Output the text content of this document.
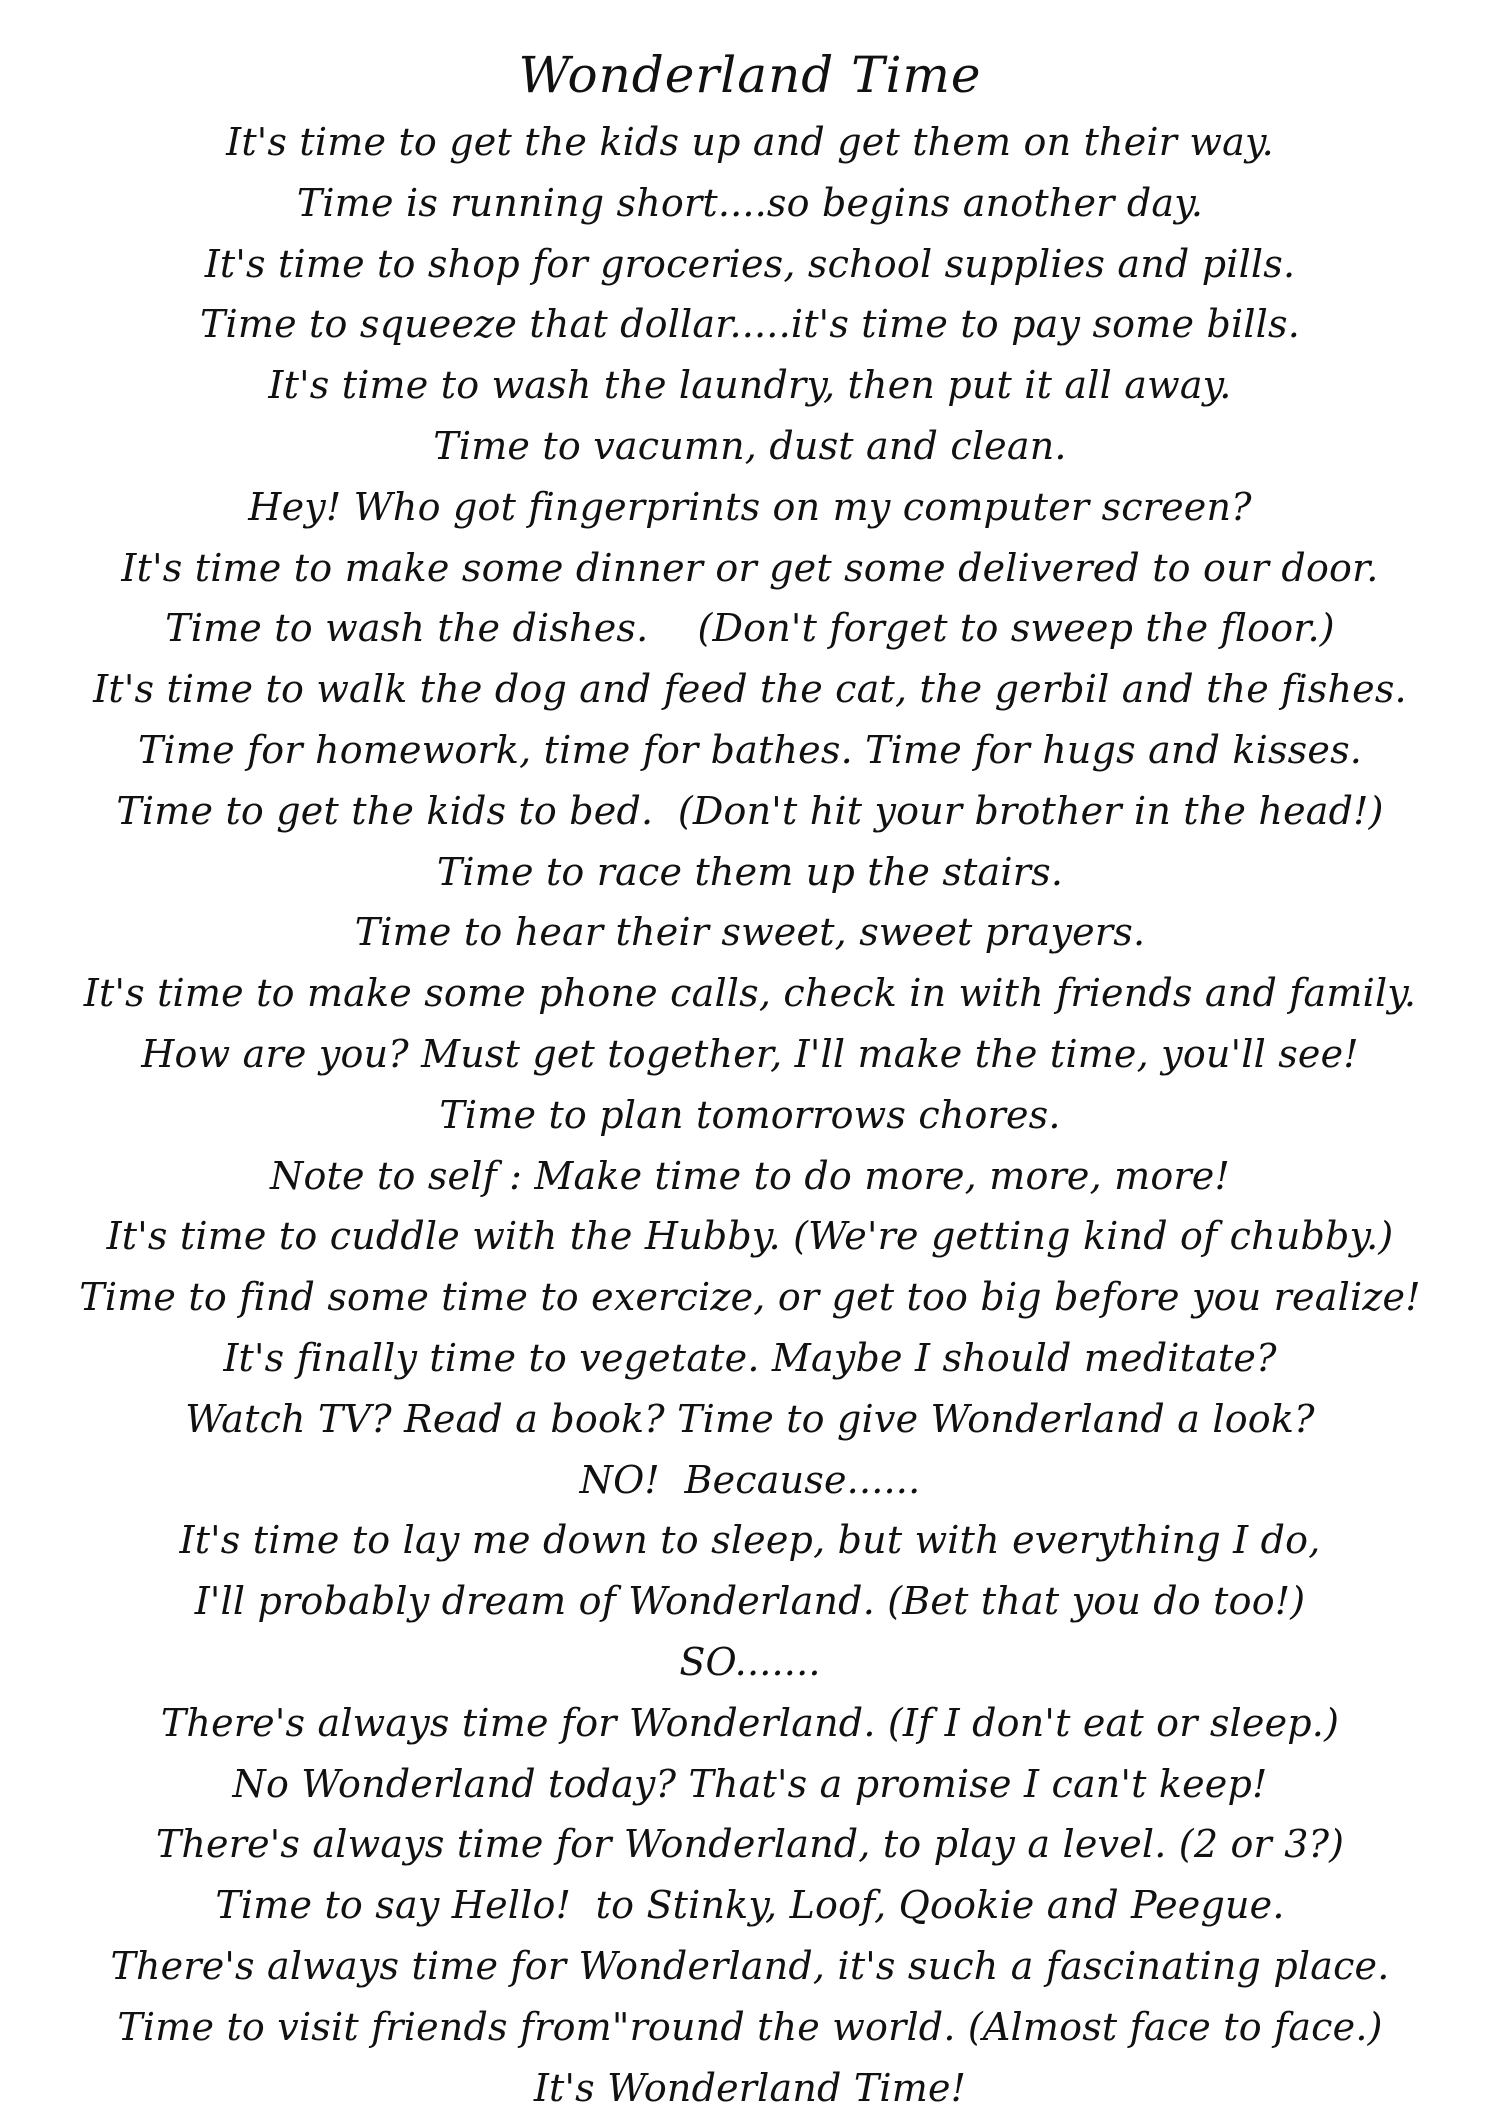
Wonderland Time
It's time to get the kids up and get them on their way.
Time is running short....so begins another day.
It's time to shop for groceries, school supplies and pills.
Time to squeeze that dollar.....it's time to pay some bills.
It's time to wash the laundry, then put it all away.
Time to vacumn, dust and clean.
Hey! Who got fingerprints on my computer screen?
It's time to make some dinner or get some delivered to our door.
Time to wash the dishes.    (Don't forget to sweep the floor.)
It's time to walk the dog and feed the cat, the gerbil and the fishes.
Time for homework, time for bathes. Time for hugs and kisses.
Time to get the kids to bed.  (Don't hit your brother in the head!)
Time to race them up the stairs.
Time to hear their sweet, sweet prayers.
It's time to make some phone calls, check in with friends and family.
How are you? Must get together, I'll make the time, you'll see!
Time to plan tomorrows chores.
Note to self : Make time to do more, more, more!
It's time to cuddle with the Hubby. (We're getting kind of chubby.)
Time to find some time to exercize, or get too big before you realize!
It's finally time to vegetate. Maybe I should meditate?
Watch TV? Read a book? Time to give Wonderland a look?
NO!  Because......
It's time to lay me down to sleep, but with everything I do,
I'll probably dream of Wonderland. (Bet that you do too!)
SO.......
There's always time for Wonderland. (If I don't eat or sleep.)
No Wonderland today? That's a promise I can't keep!
There's always time for Wonderland, to play a level. (2 or 3?)
Time to say Hello!  to Stinky, Loof, Qookie and Peegue.
There's always time for Wonderland, it's such a fascinating place.
Time to visit friends from"round the world. (Almost face to face.)
It's Wonderland Time!
